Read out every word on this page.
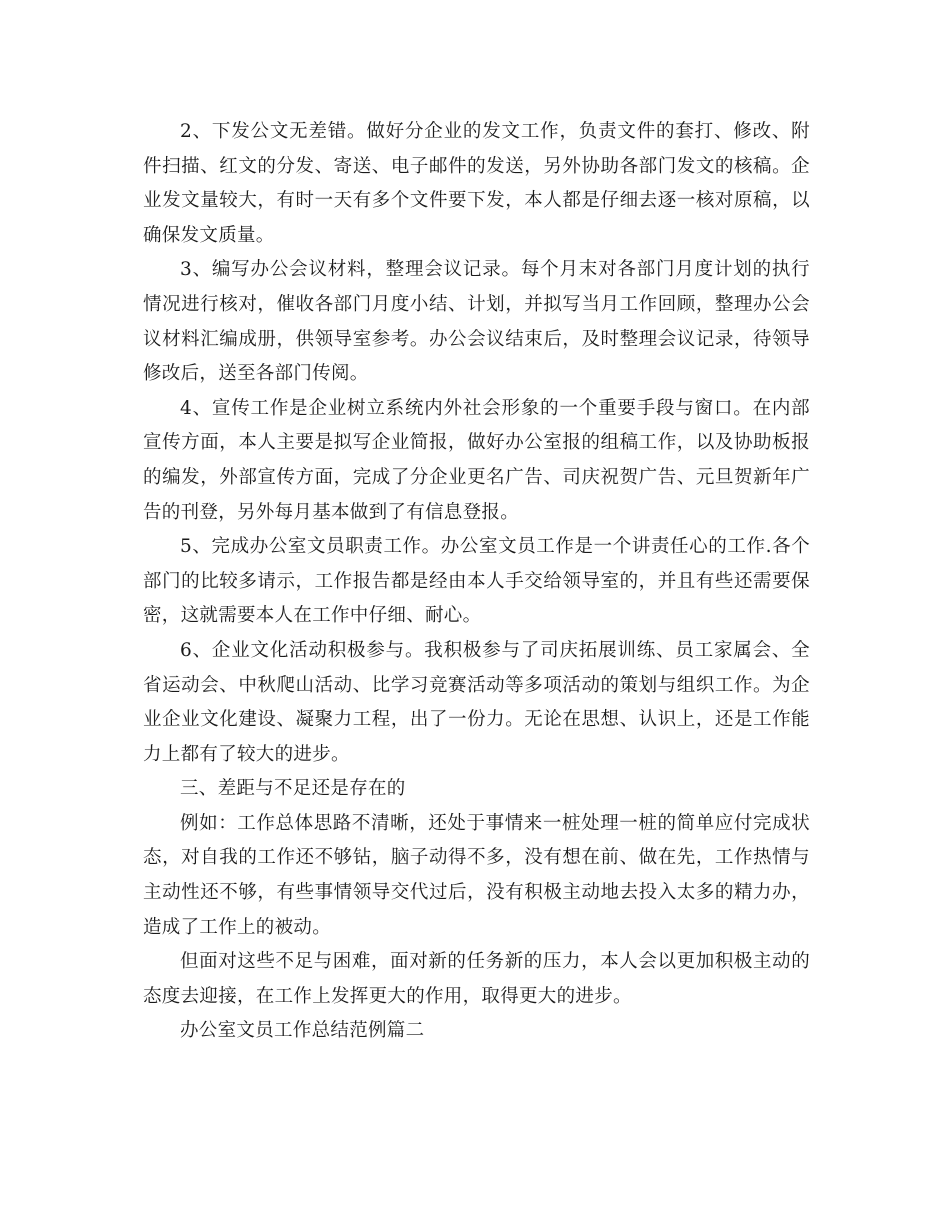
2、下发公文无差错。做好分企业的发文工作，负责文件的套打、修改、附件扫描、红文的分发、寄送、电子邮件的发送，另外协助各部门发文的核稿。企业发文量较大，有时一天有多个文件要下发，本人都是仔细去逐一核对原稿，以确保发文质量。

3、编写办公会议材料，整理会议记录。每个月末对各部门月度计划的执行情况进行核对，催收各部门月度小结、计划，并拟写当月工作回顾，整理办公会议材料汇编成册，供领导室参考。办公会议结束后，及时整理会议记录，待领导修改后，送至各部门传阅。

4、宣传工作是企业树立系统内外社会形象的一个重要手段与窗口。在内部宣传方面，本人主要是拟写企业简报，做好办公室报的组稿工作，以及协助板报的编发，外部宣传方面，完成了分企业更名广告、司庆祝贺广告、元旦贺新年广告的刊登，另外每月基本做到了有信息登报。

5、完成办公室文员职责工作。办公室文员工作是一个讲责任心的工作.各个部门的比较多请示，工作报告都是经由本人手交给领导室的，并且有些还需要保密，这就需要本人在工作中仔细、耐心。

6、企业文化活动积极参与。我积极参与了司庆拓展训练、员工家属会、全省运动会、中秋爬山活动、比学习竞赛活动等多项活动的策划与组织工作。为企业企业文化建设、凝聚力工程，出了一份力。无论在思想、认识上，还是工作能力上都有了较大的进步。

三、差距与不足还是存在的

例如：工作总体思路不清晰，还处于事情来一桩处理一桩的简单应付完成状态，对自我的工作还不够钻，脑子动得不多，没有想在前、做在先，工作热情与主动性还不够，有些事情领导交代过后，没有积极主动地去投入太多的精力办，造成了工作上的被动。

但面对这些不足与困难，面对新的任务新的压力，本人会以更加积极主动的态度去迎接，在工作上发挥更大的作用，取得更大的进步。

办公室文员工作总结范例篇二
